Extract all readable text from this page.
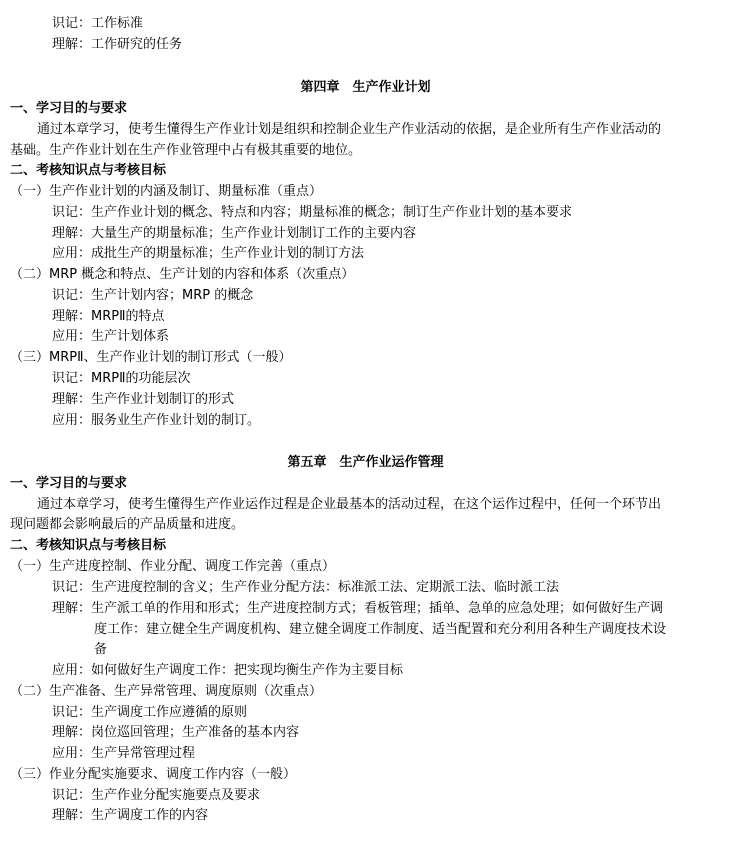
识记：工作标准
理解：工作研究的任务
第四章　生产作业计划
一、学习目的与要求
通过本章学习，使考生懂得生产作业计划是组织和控制企业生产作业活动的依据，是企业所有生产作业活动的
基础。生产作业计划在生产作业管理中占有极其重要的地位。
二、考核知识点与考核目标
（一）生产作业计划的内涵及制订、期量标准（重点）
识记：生产作业计划的概念、特点和内容；期量标准的概念；制订生产作业计划的基本要求
理解：大量生产的期量标准；生产作业计划制订工作的主要内容
应用：成批生产的期量标准；生产作业计划的制订方法
（二）MRP 概念和特点、生产计划的内容和体系（次重点）
识记：生产计划内容；MRP 的概念
理解：MRPⅡ的特点
应用：生产计划体系
（三）MRPⅡ、生产作业计划的制订形式（一般）
识记：MRPⅡ的功能层次
理解：生产作业计划制订的形式
应用：服务业生产作业计划的制订。
第五章　生产作业运作管理
一、学习目的与要求
通过本章学习，使考生懂得生产作业运作过程是企业最基本的活动过程，在这个运作过程中，任何一个环节出
现问题都会影响最后的产品质量和进度。
二、考核知识点与考核目标
（一）生产进度控制、作业分配、调度工作完善（重点）
识记：生产进度控制的含义；生产作业分配方法：标准派工法、定期派工法、临时派工法
理解：生产派工单的作用和形式；生产进度控制方式；看板管理；插单、急单的应急处理；如何做好生产调
度工作：建立健全生产调度机构、建立健全调度工作制度、适当配置和充分利用各种生产调度技术设
备
应用：如何做好生产调度工作：把实现均衡生产作为主要目标
（二）生产准备、生产异常管理、调度原则（次重点）
识记：生产调度工作应遵循的原则
理解：岗位巡回管理；生产准备的基本内容
应用：生产异常管理过程
（三）作业分配实施要求、调度工作内容（一般）
识记：生产作业分配实施要点及要求
理解：生产调度工作的内容
